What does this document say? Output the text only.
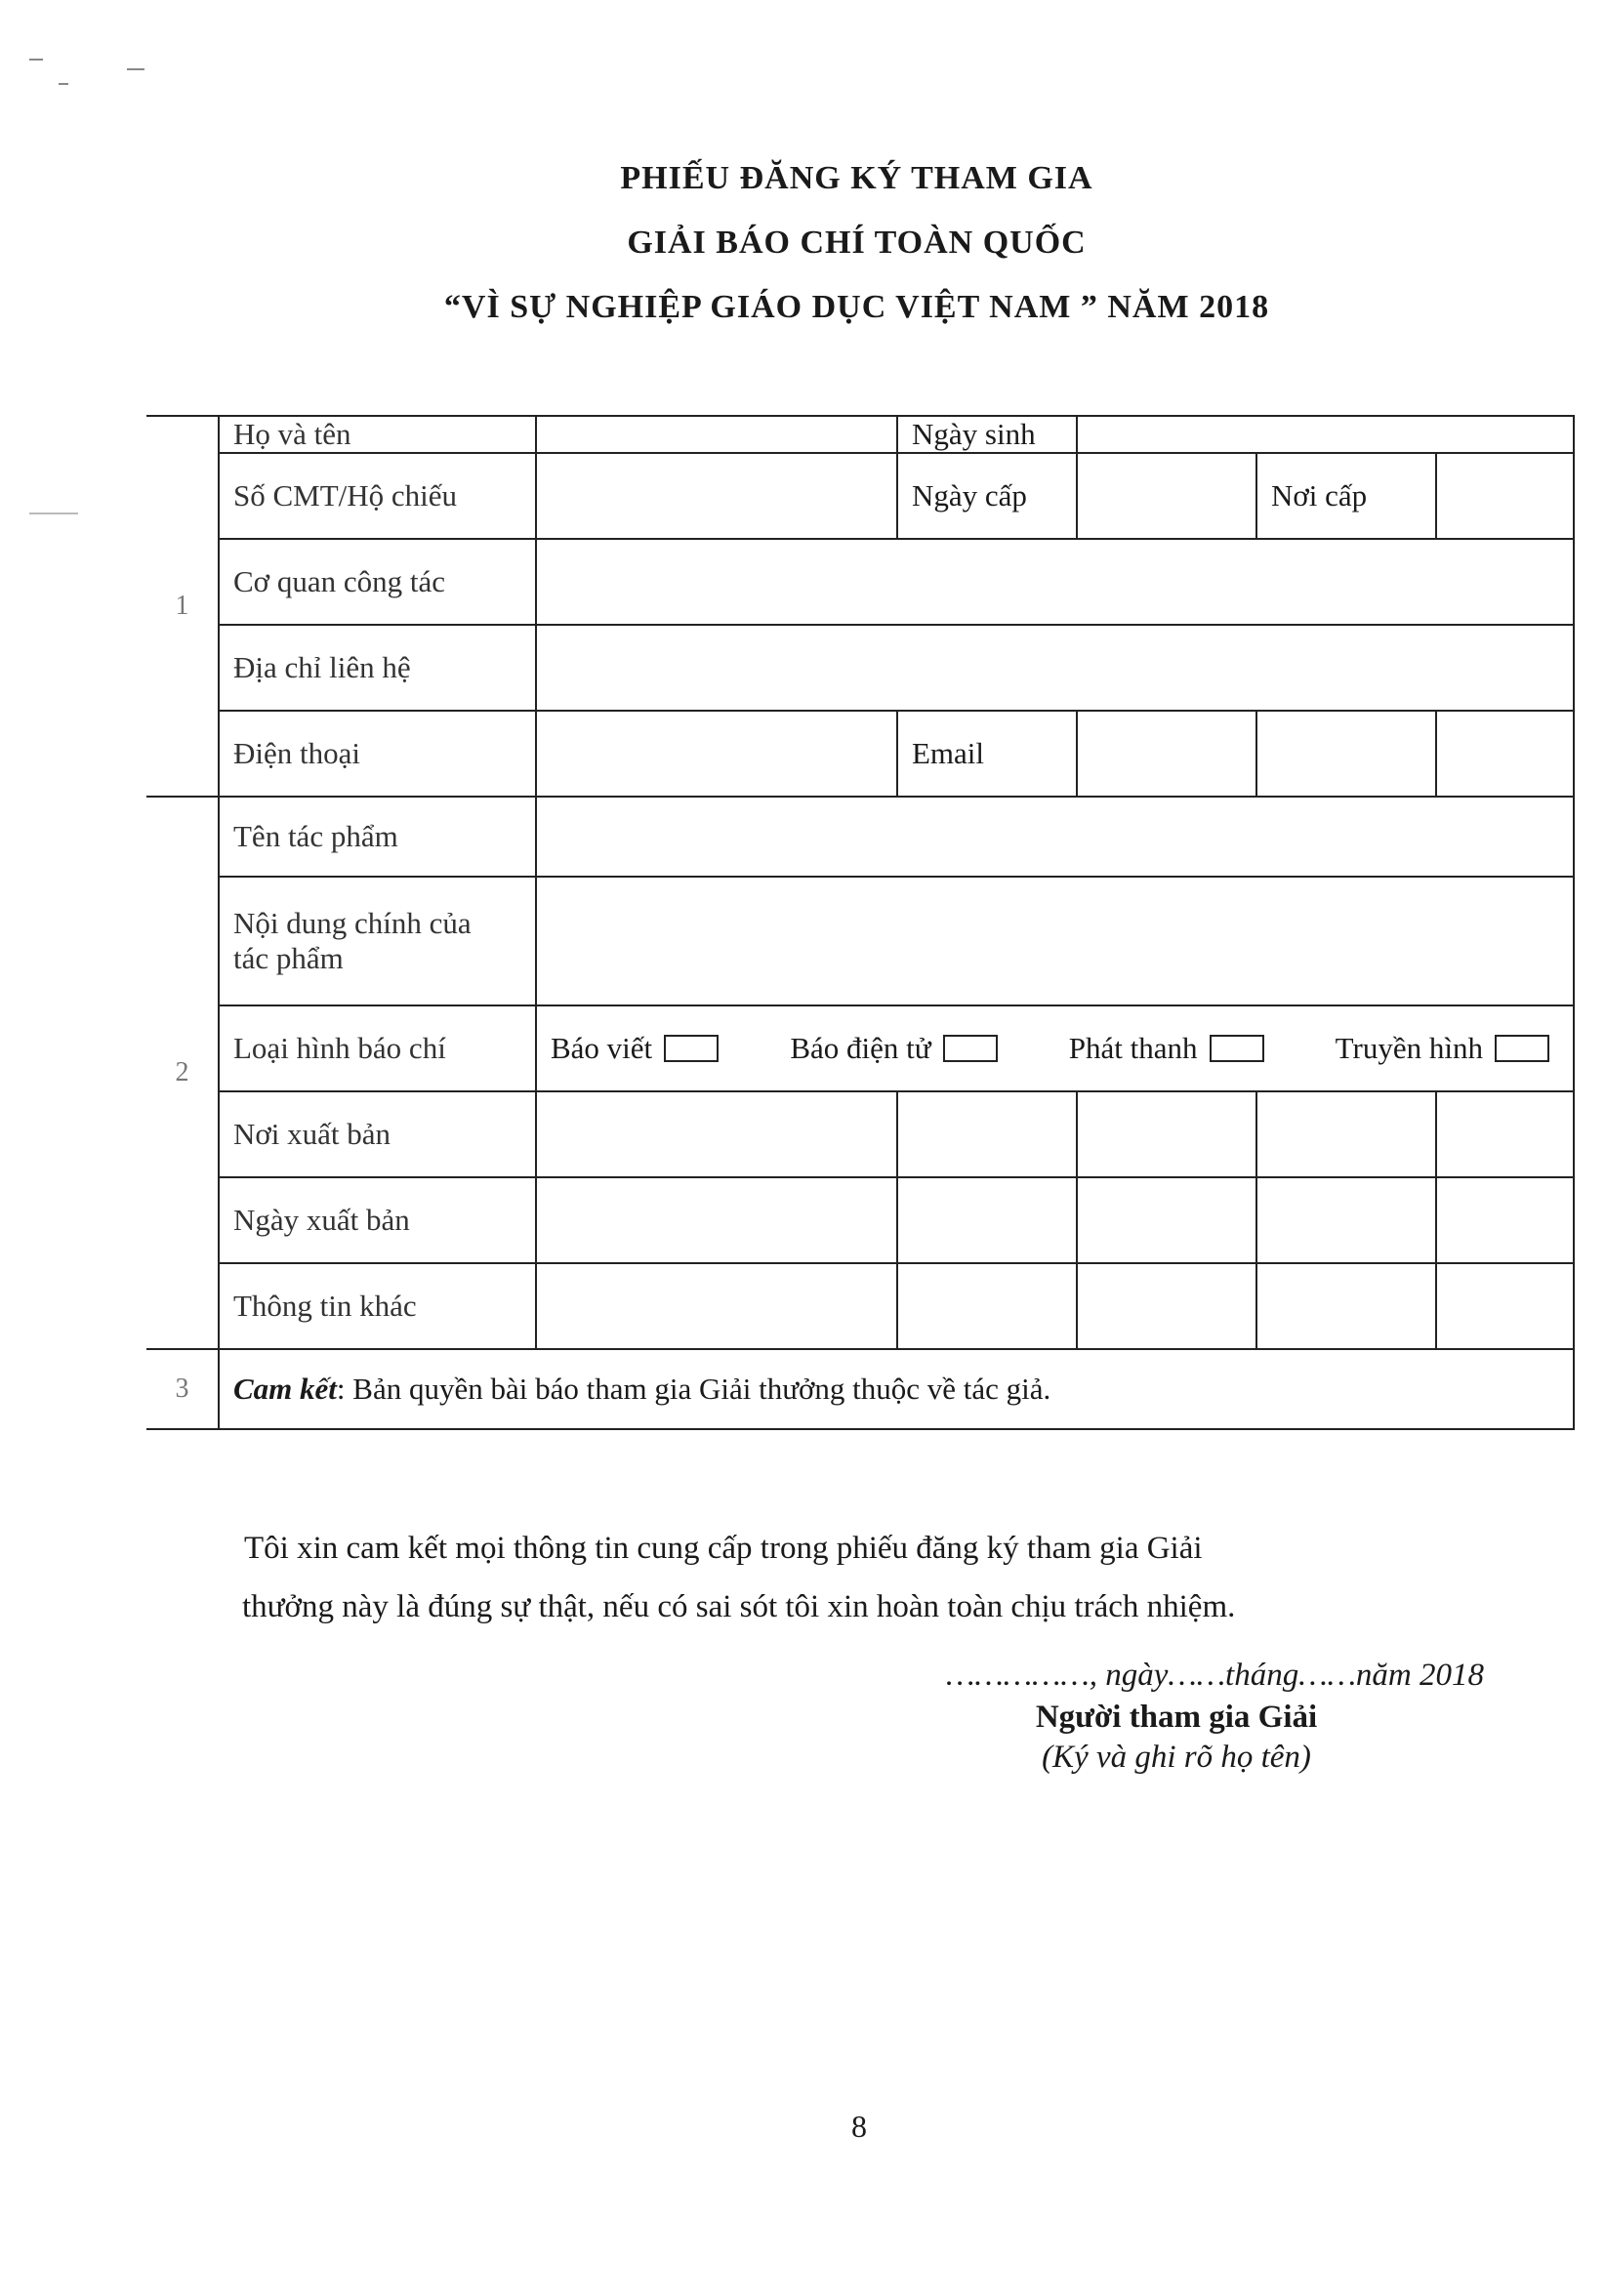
PHIẾU ĐĂNG KÝ THAM GIA
GIẢI BÁO CHÍ TOÀN QUỐC
“VÌ SỰ NGHIỆP GIÁO DỤC VIỆT NAM ” NĂM 2018
1	Họ và tên		Ngày sinh			
	Số CMT/Hộ chiếu		Ngày cấp		Nơi cấp	
	Cơ quan công tác					
	Địa chỉ liên hệ					
	Điện thoại		Email			
2	Tên tác phẩm					

	Nội dung chính của
tác phẩm					

	Loại hình báo chí	Báo viết Báo điện tử Phát thanh Truyền hình				

	Nơi xuất bản					
	Ngày xuất bản					
	Thông tin khác					
3	Cam kết: Bản quyền bài báo tham gia Giải thưởng thuộc về tác giả.					

Tôi xin cam kết mọi thông tin cung cấp trong phiếu đăng ký tham gia Giải

thưởng này là đúng sự thật, nếu có sai sót tôi xin hoàn toàn chịu trách nhiệm.

……………, ngày……tháng……năm 2018
Người tham gia Giải
(Ký và ghi rõ họ tên)
8
